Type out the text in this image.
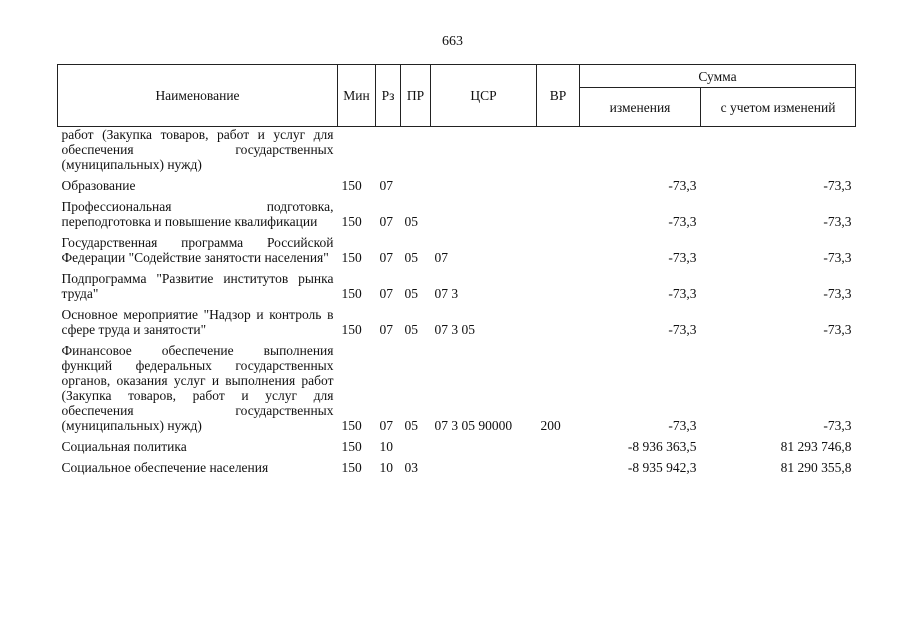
663
Наименование	Мин	Рз	ПР	ЦСР	ВР	Сумма	
						изменения	с учетом изменений
работ (Закупка товаров, работ и услуг для обеспечения государственных (муниципальных) нужд)							
Образование	150	07				-73,3	-73,3
Профессиональная подготовка, переподготовка и повышение квалификации	150	07	05			-73,3	-73,3
Государственная программа Российской Федерации "Содействие занятости населения"	150	07	05	07		-73,3	-73,3
Подпрограмма "Развитие институтов рынка труда"	150	07	05	07 3		-73,3	-73,3
Основное мероприятие "Надзор и контроль в сфере труда и занятости"	150	07	05	07 3 05		-73,3	-73,3
Финансовое обеспечение выполнения функций федеральных государственных органов, оказания услуг и выполнения работ (Закупка товаров, работ и услуг для обеспечения государственных (муниципальных) нужд)	150	07	05	07 3 05 90000	200	-73,3	-73,3
Социальная политика	150	10				-8 936 363,5	81 293 746,8
Социальное обеспечение населения	150	10	03			-8 935 942,3	81 290 355,8
